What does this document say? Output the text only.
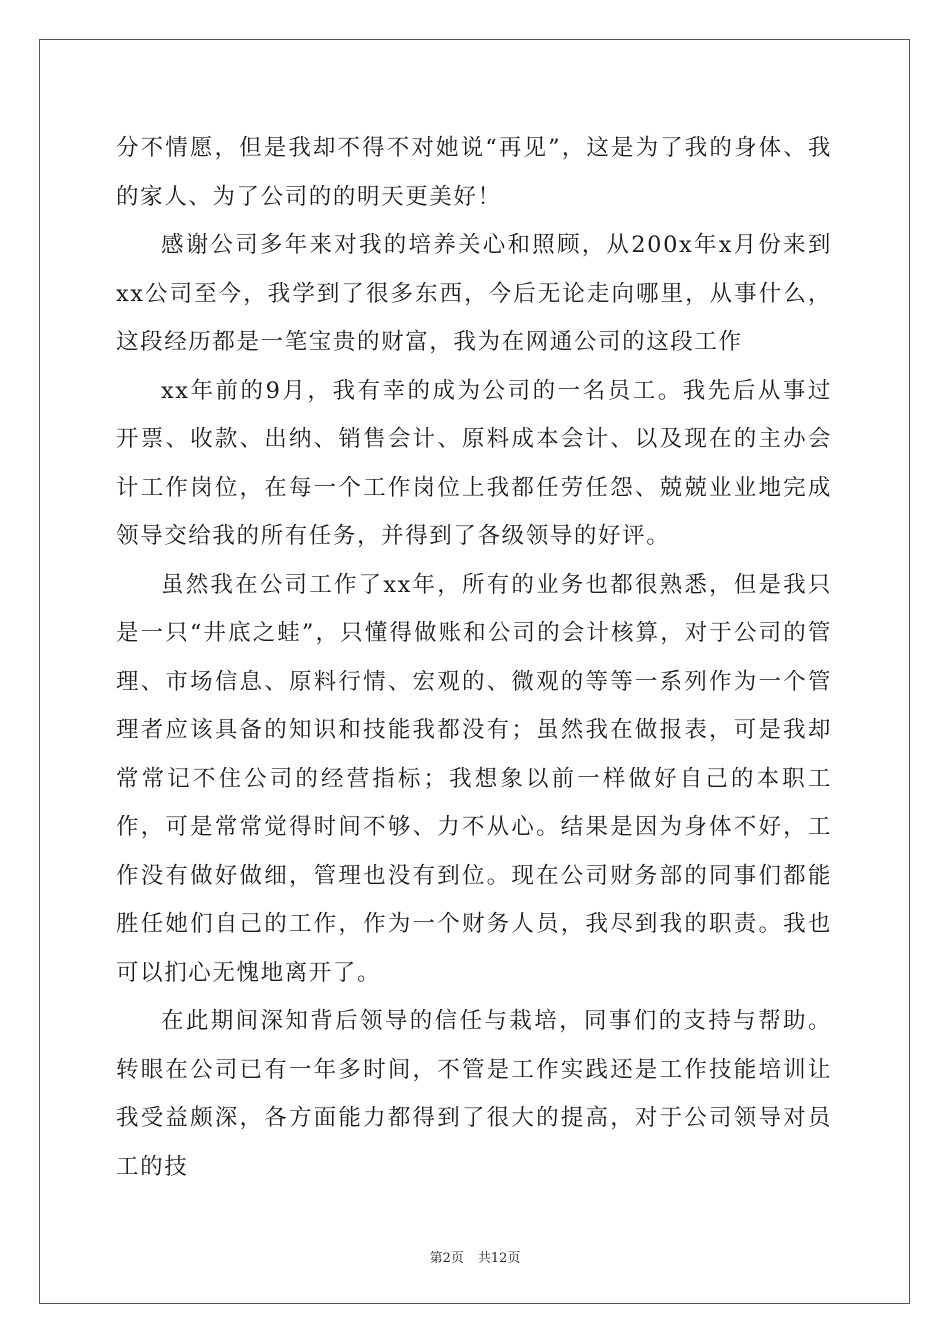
分不情愿，但是我却不得不对她说“再见”，这是为了我的身体、我的家人、为了公司的的明天更美好！

感谢公司多年来对我的培养关心和照顾，从200x年x月份来到xx公司至今，我学到了很多东西，今后无论走向哪里，从事什么，这段经历都是一笔宝贵的财富，我为在网通公司的这段工作

xx年前的9月，我有幸的成为公司的一名员工。我先后从事过开票、收款、出纳、销售会计、原料成本会计、以及现在的主办会计工作岗位，在每一个工作岗位上我都任劳任怨、兢兢业业地完成领导交给我的所有任务，并得到了各级领导的好评。

虽然我在公司工作了xx年，所有的业务也都很熟悉，但是我只是一只“井底之蛙”，只懂得做账和公司的会计核算，对于公司的管理、市场信息、原料行情、宏观的、微观的等等一系列作为一个管理者应该具备的知识和技能我都没有；虽然我在做报表，可是我却常常记不住公司的经营指标；我想象以前一样做好自己的本职工作，可是常常觉得时间不够、力不从心。结果是因为身体不好，工作没有做好做细，管理也没有到位。现在公司财务部的同事们都能胜任她们自己的工作，作为一个财务人员，我尽到我的职责。我也可以扪心无愧地离开了。

在此期间深知背后领导的信任与栽培，同事们的支持与帮助。转眼在公司已有一年多时间，不管是工作实践还是工作技能培训让我受益颇深，各方面能力都得到了很大的提高，对于公司领导对员工的技

第2页 共12页
